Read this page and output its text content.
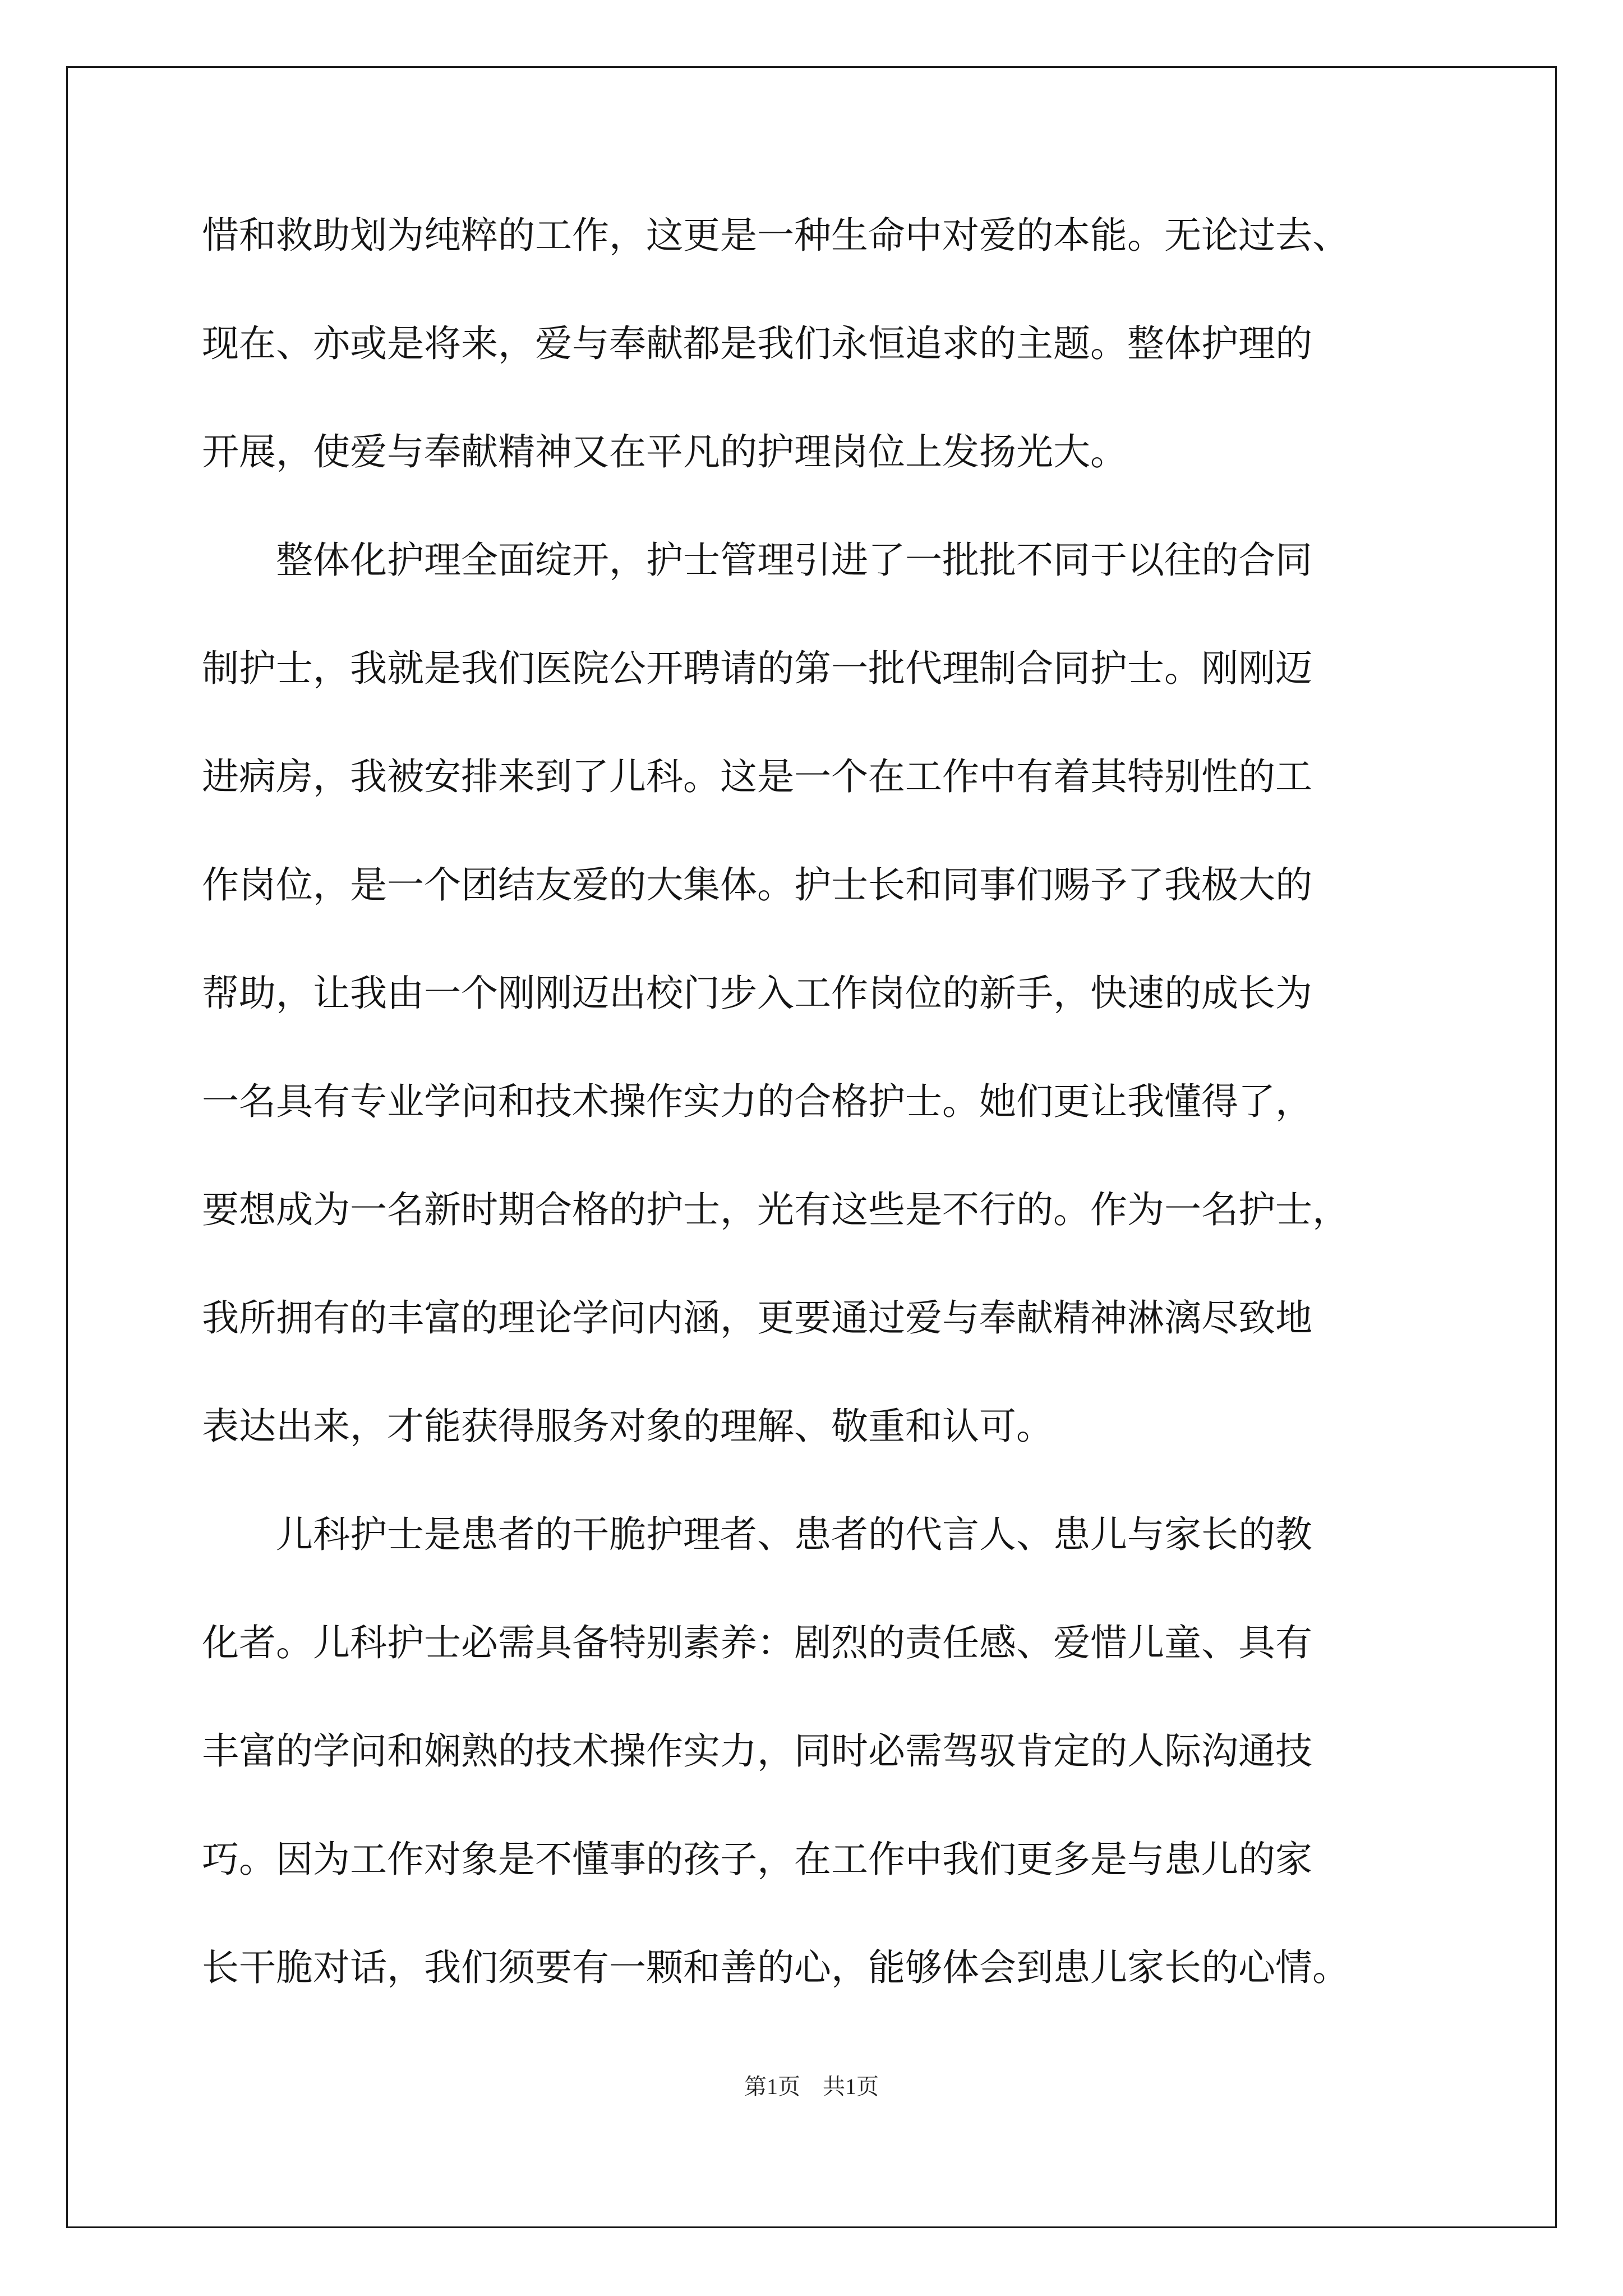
惜和救助划为纯粹的工作，这更是一种生命中对爱的本能。无论过去、
现在、亦或是将来，爱与奉献都是我们永恒追求的主题。整体护理的
开展，使爱与奉献精神又在平凡的护理岗位上发扬光大。
整体化护理全面绽开，护士管理引进了一批批不同于以往的合同
制护士，我就是我们医院公开聘请的第一批代理制合同护士。刚刚迈
进病房，我被安排来到了儿科。这是一个在工作中有着其特别性的工
作岗位，是一个团结友爱的大集体。护士长和同事们赐予了我极大的
帮助，让我由一个刚刚迈出校门步入工作岗位的新手，快速的成长为
一名具有专业学问和技术操作实力的合格护士。她们更让我懂得了，
要想成为一名新时期合格的护士，光有这些是不行的。作为一名护士，
我所拥有的丰富的理论学问内涵，更要通过爱与奉献精神淋漓尽致地
表达出来，才能获得服务对象的理解、敬重和认可。
儿科护士是患者的干脆护理者、患者的代言人、患儿与家长的教
化者。儿科护士必需具备特别素养：剧烈的责任感、爱惜儿童、具有
丰富的学问和娴熟的技术操作实力，同时必需驾驭肯定的人际沟通技
巧。因为工作对象是不懂事的孩子，在工作中我们更多是与患儿的家
长干脆对话，我们须要有一颗和善的心，能够体会到患儿家长的心情。
第1页　共1页
